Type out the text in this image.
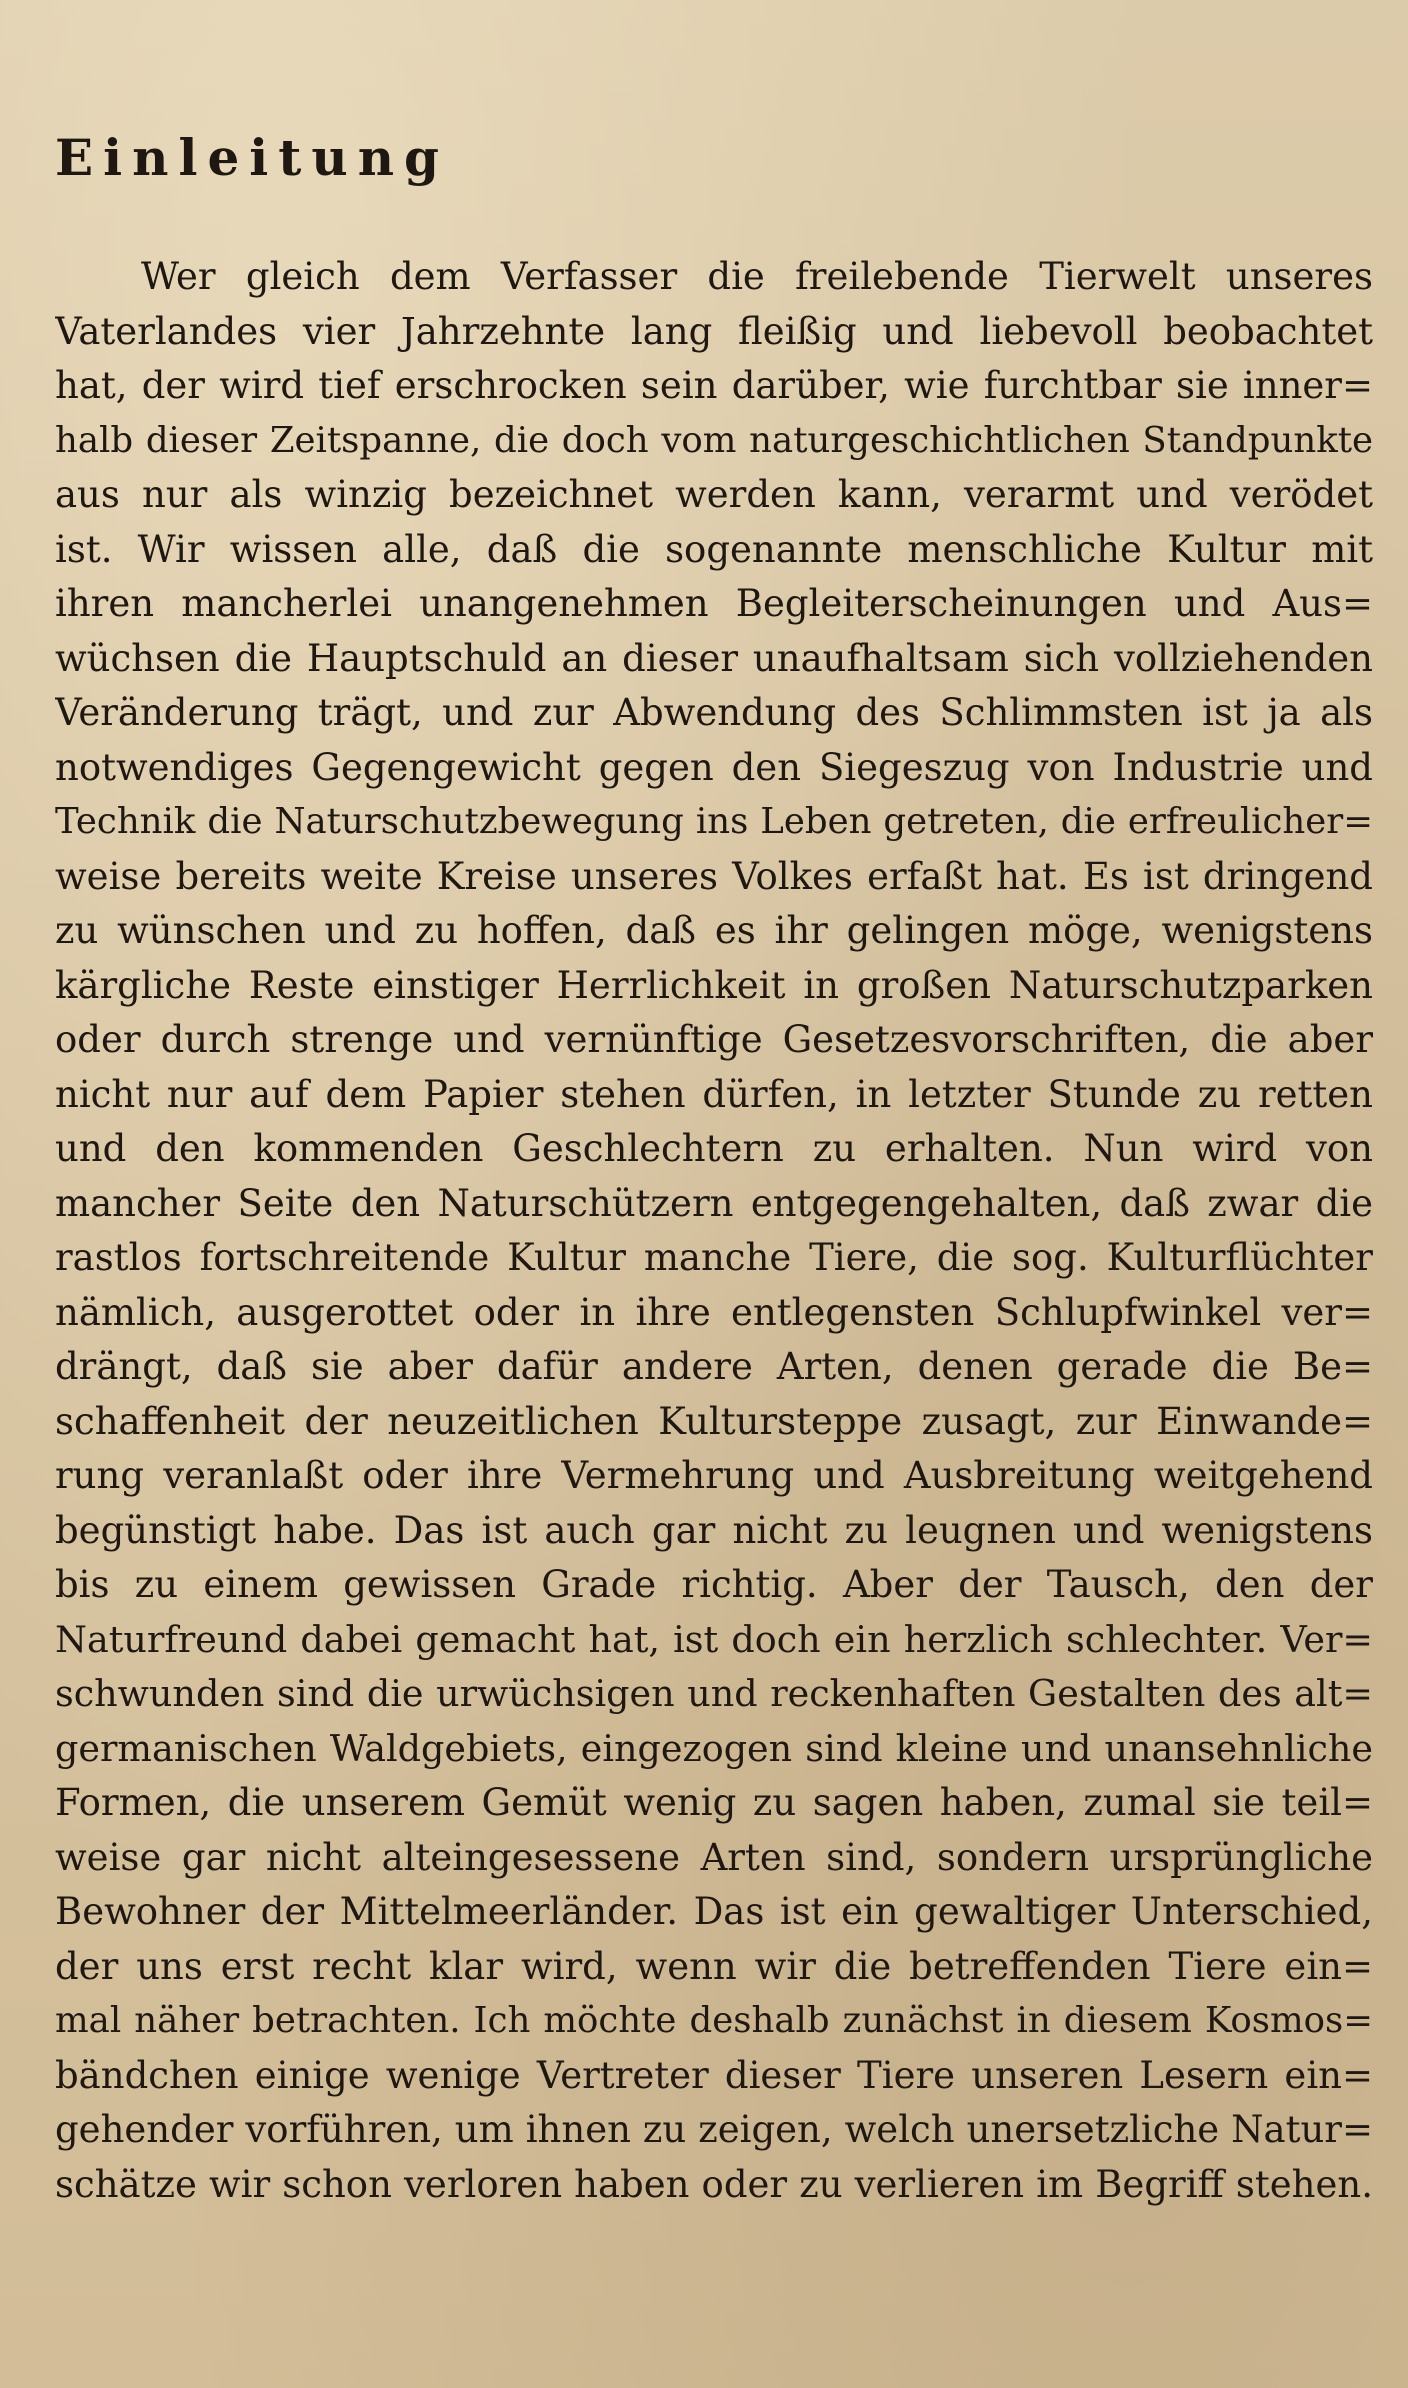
Einleitung
Wer gleich dem Verfasser die freilebende Tierwelt unseres
Vaterlandes vier Jahrzehnte lang fleißig und liebevoll beobachtet
hat, der wird tief erschrocken sein darüber, wie furchtbar sie inner=
halb dieser Zeitspanne, die doch vom naturgeschichtlichen Standpunkte
aus nur als winzig bezeichnet werden kann, verarmt und verödet
ist. Wir wissen alle, daß die sogenannte menschliche Kultur mit
ihren mancherlei unangenehmen Begleiterscheinungen und Aus=
wüchsen die Hauptschuld an dieser unaufhaltsam sich vollziehenden
Veränderung trägt, und zur Abwendung des Schlimmsten ist ja als
notwendiges Gegengewicht gegen den Siegeszug von Industrie und
Technik die Naturschutzbewegung ins Leben getreten, die erfreulicher=
weise bereits weite Kreise unseres Volkes erfaßt hat. Es ist dringend
zu wünschen und zu hoffen, daß es ihr gelingen möge, wenigstens
kärgliche Reste einstiger Herrlichkeit in großen Naturschutzparken
oder durch strenge und vernünftige Gesetzesvorschriften, die aber
nicht nur auf dem Papier stehen dürfen, in letzter Stunde zu retten
und den kommenden Geschlechtern zu erhalten. Nun wird von
mancher Seite den Naturschützern entgegengehalten, daß zwar die
rastlos fortschreitende Kultur manche Tiere, die sog. Kulturflüchter
nämlich, ausgerottet oder in ihre entlegensten Schlupfwinkel ver=
drängt, daß sie aber dafür andere Arten, denen gerade die Be=
schaffenheit der neuzeitlichen Kultursteppe zusagt, zur Einwande=
rung veranlaßt oder ihre Vermehrung und Ausbreitung weitgehend
begünstigt habe. Das ist auch gar nicht zu leugnen und wenigstens
bis zu einem gewissen Grade richtig. Aber der Tausch, den der
Naturfreund dabei gemacht hat, ist doch ein herzlich schlechter. Ver=
schwunden sind die urwüchsigen und reckenhaften Gestalten des alt=
germanischen Waldgebiets, eingezogen sind kleine und unansehnliche
Formen, die unserem Gemüt wenig zu sagen haben, zumal sie teil=
weise gar nicht alteingesessene Arten sind, sondern ursprüngliche
Bewohner der Mittelmeerländer. Das ist ein gewaltiger Unterschied,
der uns erst recht klar wird, wenn wir die betreffenden Tiere ein=
mal näher betrachten. Ich möchte deshalb zunächst in diesem Kosmos=
bändchen einige wenige Vertreter dieser Tiere unseren Lesern ein=
gehender vorführen, um ihnen zu zeigen, welch unersetzliche Natur=
schätze wir schon verloren haben oder zu verlieren im Begriff stehen.
